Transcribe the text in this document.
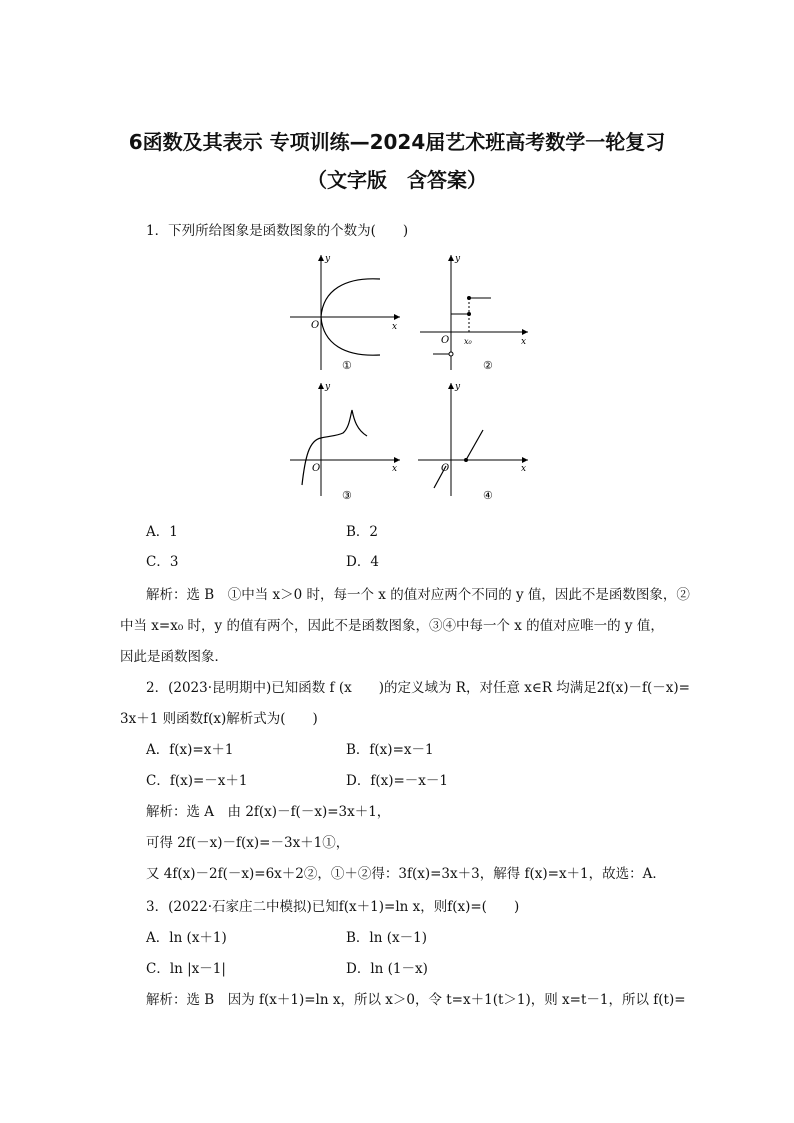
6函数及其表示 专项训练—2024届艺术班高考数学一轮复习
（文字版　含答案）
1．下列所给图象是函数图象的个数为(　　)
y
x
O
①
y
x
O x₀
②
y
x
O
③
y
x
O
④
A．1	B．2
C．3	D．4
解析：选 B　①中当 x＞0 时，每一个 x 的值对应两个不同的 y 值，因此不是函数图象，②
中当 x=x₀ 时，y 的值有两个，因此不是函数图象，③④中每一个 x 的值对应唯一的 y 值，
因此是函数图象．
2．(2023·昆明期中)已知函数 f (x　　)的定义域为 R，对任意 x∈R 均满足2f(x)－f(－x)=
3x＋1 则函数f(x)解析式为(　　)
A．f(x)=x＋1	B．f(x)=x－1
C．f(x)=－x＋1	D．f(x)=－x－1
解析：选 A　由 2f(x)－f(－x)=3x＋1，
可得 2f(－x)－f(x)=－3x＋1①，
又 4f(x)－2f(－x)=6x＋2②，①＋②得：3f(x)=3x＋3，解得 f(x)=x＋1，故选：A．
3．(2022·石家庄二中模拟)已知f(x＋1)=ln x，则f(x)=(　　)
A．ln (x＋1)	B．ln (x－1)
C．ln |x－1|	D．ln (1－x)
解析：选 B　因为 f(x＋1)=ln x，所以 x＞0，令 t=x＋1(t＞1)，则 x=t－1，所以 f(t)=
